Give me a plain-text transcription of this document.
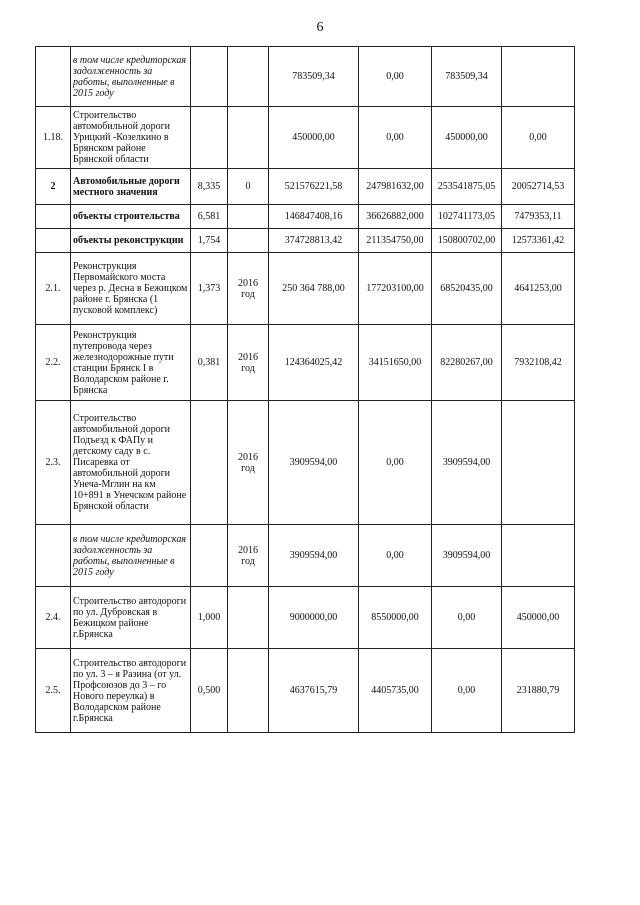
6
	в том числе кредиторская задолженность за работы, выполненные в 2015 году			783509,34	0,00	783509,34	
1.18.	Строительство автомобильной дороги Урицкий -Козелкино в Брянском районе Брянской области			450000,00	0,00	450000,00	0,00
2	Автомобильные дороги местного значения	8,335	0	521576221,58	247981632,00	253541875,05	20052714,53
	объекты строительства	6,581		146847408,16	36626882,000	102741173,05	7479353,11
	объекты реконструкции	1,754		374728813,42	211354750,00	150800702,00	12573361,42
2.1.	Реконструкция Первомайского моста через р. Десна в Бежицком районе г. Брянска (1 пусковой комплекс)	1,373	2016 год	250 364 788,00	177203100,00	68520435,00	4641253,00
2.2.	Реконструкция путепровода через железнодорожные пути станции Брянск I в Володарском районе г. Брянска	0,381	2016 год	124364025,42	34151650,00	82280267,00	7932108,42
2.3.	Строительство автомобильной дороги Подъезд к ФАПу и детскому саду в с. Писаревка от автомобильной дороги Унеча-Мглин на км 10+891 в Унечском районе Брянской области		2016 год	3909594,00	0,00	3909594,00	
	в том числе кредиторская задолженность за работы, выполненные в 2015 году		2016 год	3909594,00	0,00	3909594,00	
2.4.	Строительство автодороги по ул. Дубровская в Бежицком районе г.Брянска	1,000		9000000,00	8550000,00	0,00	450000,00
2.5.	Строительство автодороги по ул. 3 – я Разина (от ул. Профсоюзов до 3 – го Нового переулка) в Володарском районе г.Брянска	0,500		4637615,79	4405735,00	0,00	231880,79
